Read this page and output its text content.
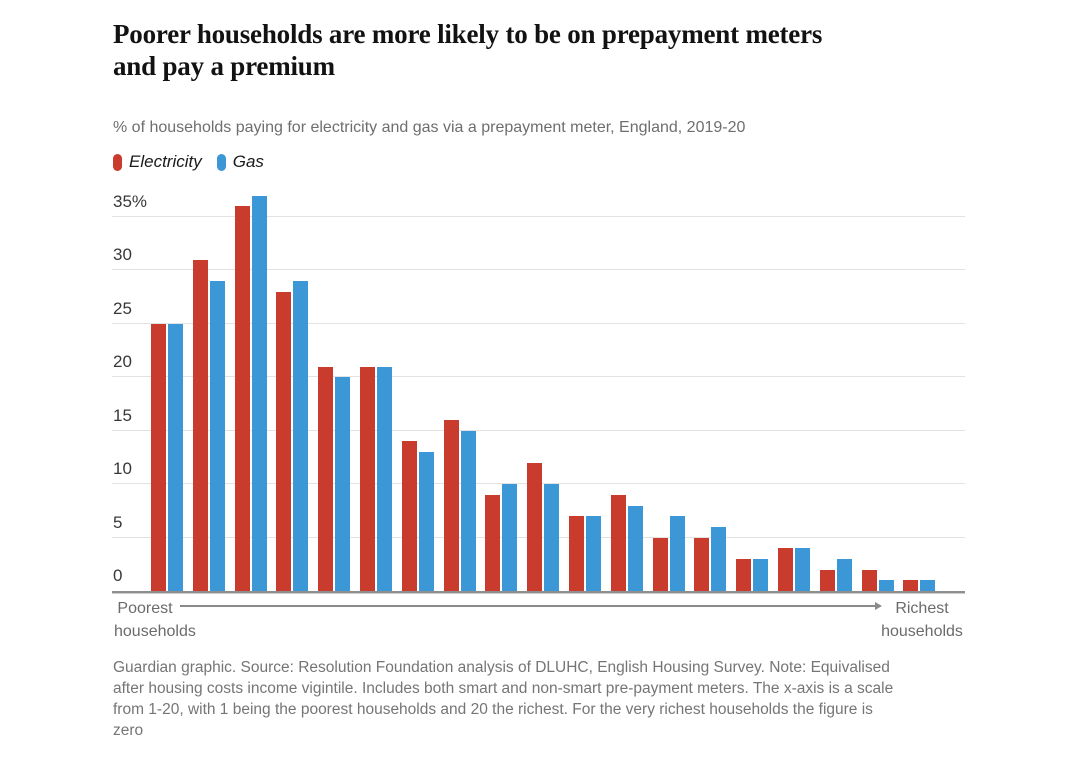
Poorer households are more likely to be on prepayment meters
and pay a premium

% of households paying for electricity and gas via a prepayment meter, England, 2019-20

Electricity Gas
0
5
10
15
20
25
30
35%
Poorest
households
Richest
households

Guardian graphic. Source: Resolution Foundation analysis of DLUHC, English Housing Survey. Note: Equivalised
after housing costs income vigintile. Includes both smart and non-smart pre-payment meters. The x-axis is a scale
from 1-20, with 1 being the poorest households and 20 the richest. For the very richest households the figure is
zero
